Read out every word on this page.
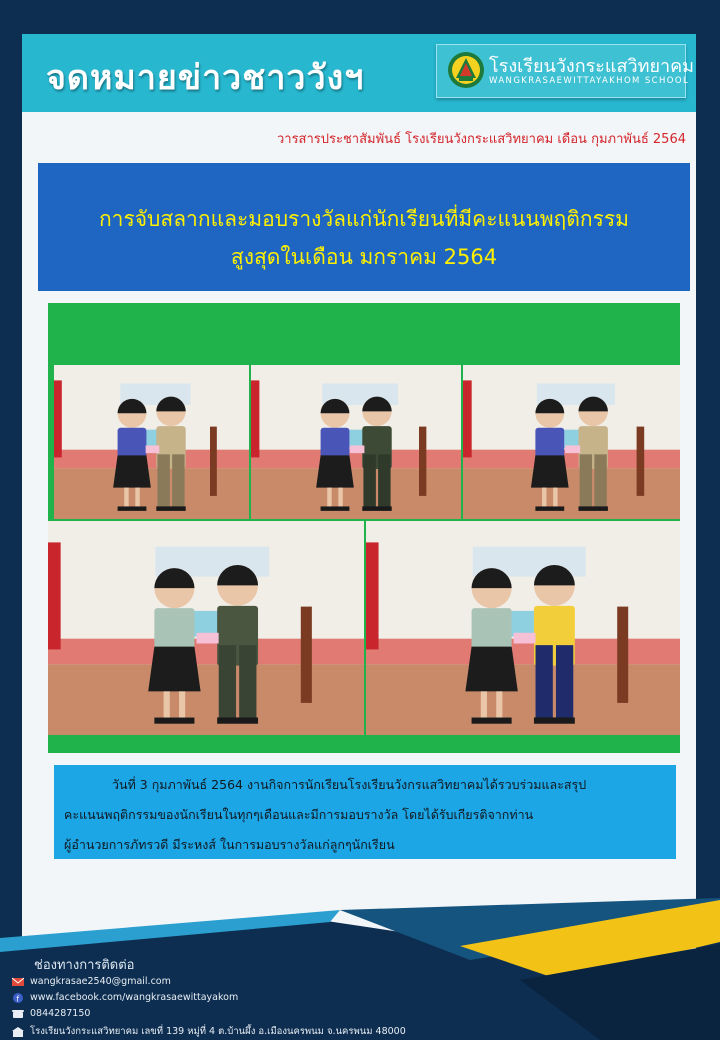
จดหมายข่าวชาววังฯ	โรงเรียนวังกระแสวิทยาคม
WANGKRASAEWITTAYAKHOM SCHOOL
วารสารประชาสัมพันธ์ โรงเรียนวังกระแสวิทยาคม เดือน กุมภาพันธ์ 2564
การจับสลากและมอบรางวัลแก่นักเรียนที่มีคะแนนพฤติกรรม
สูงสุดในเดือน มกราคม 2564
วันที่ 3 กุมภาพันธ์ 2564 งานกิจการนักเรียนโรงเรียนวังกรแสวิทยาคมได้รวบร่วมและสรุป
คะแนนพฤติกรรมของนักเรียนในทุกๆเดือนและมีการมอบรางวัล โดยได้รับเกียรติจากท่าน
ผู้อำนวยการภัทรวดี มีระหงส์ ในการมอบรางวัลแก่ลูกๆนักเรียน
ช่องทางการติดต่อ
wangkrasae2540@gmail.com
f www.facebook.com/wangkrasaewittayakom
0844287150
โรงเรียนวังกระแสวิทยาคม เลขที่ 139 หมู่ที่ 4 ต.บ้านผึ้ง อ.เมืองนครพนม จ.นครพนม 48000
